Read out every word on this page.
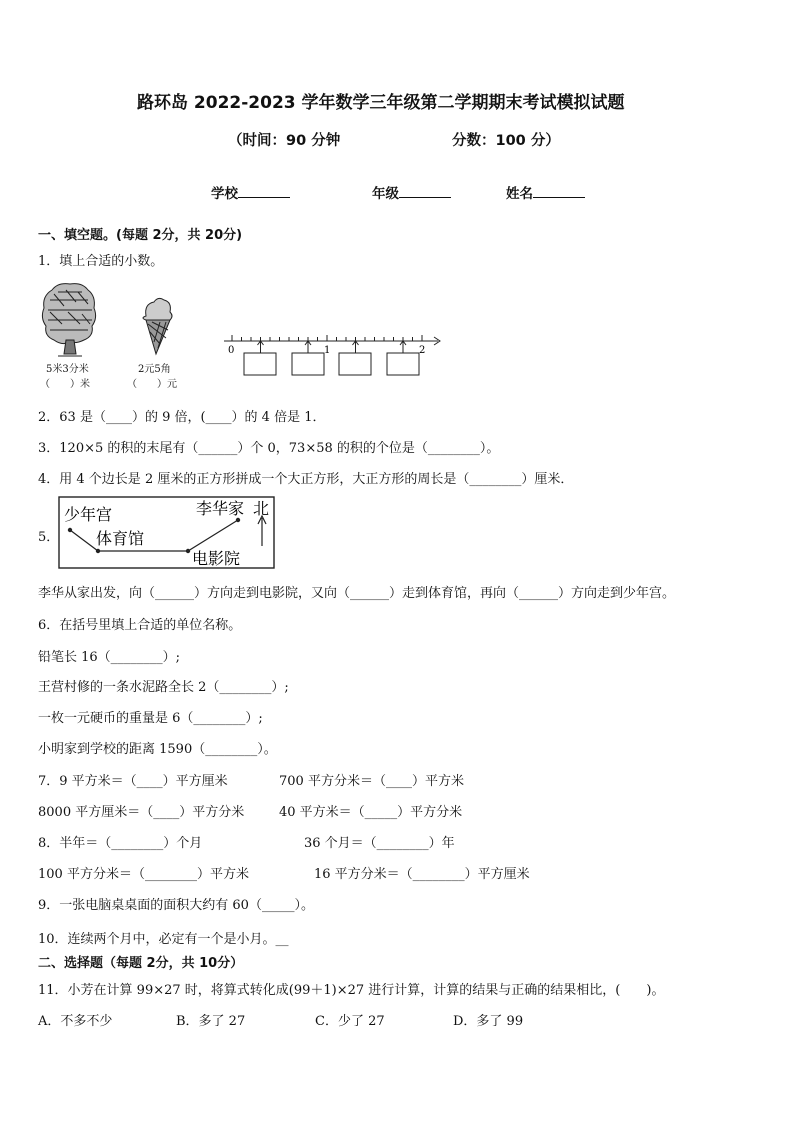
路环岛 2022-2023 学年数学三年级第二学期期末考试模拟试题
（时间：90 分钟	分数：100 分）
学校	年级	姓名
一、填空题。(每题 2分，共 20分)
1．填上合适的小数。
5米3分米
（　　）米
2元5角
（　　）元
0	1	2
2．63 是（____）的 9 倍，(____）的 4 倍是 1．
3．120×5 的积的末尾有（______）个 0，73×58 的积的个位是（________）。
4．用 4 个边长是 2 厘米的正方形拼成一个大正方形，大正方形的周长是（________）厘米．
5．
少年宫
体育馆
李华家
电影院
北
李华从家出发，向（______）方向走到电影院，又向（______）走到体育馆，再向（______）方向走到少年宫。
6．在括号里填上合适的单位名称。
铅笔长 16（________）;
王营村修的一条水泥路全长 2（________）;
一枚一元硬币的重量是 6（________）;
小明家到学校的距离 1590（________）。
7．9 平方米＝（____）平方厘米	700 平方分米＝（____）平方米
8000 平方厘米＝（____）平方分米	40 平方米＝（_____）平方分米
8．半年＝（________）个月	36 个月＝（________）年
100 平方分米＝（________）平方米	16 平方分米＝（________）平方厘米
9．一张电脑桌桌面的面积大约有 60（_____）。
10．连续两个月中，必定有一个是小月。__
二、选择题（每题 2分，共 10分）
11．小芳在计算 99×27 时，将算式转化成(99＋1)×27 进行计算，计算的结果与正确的结果相比，(　　)。
A．不多不少	B．多了 27	C．少了 27	D．多了 99
